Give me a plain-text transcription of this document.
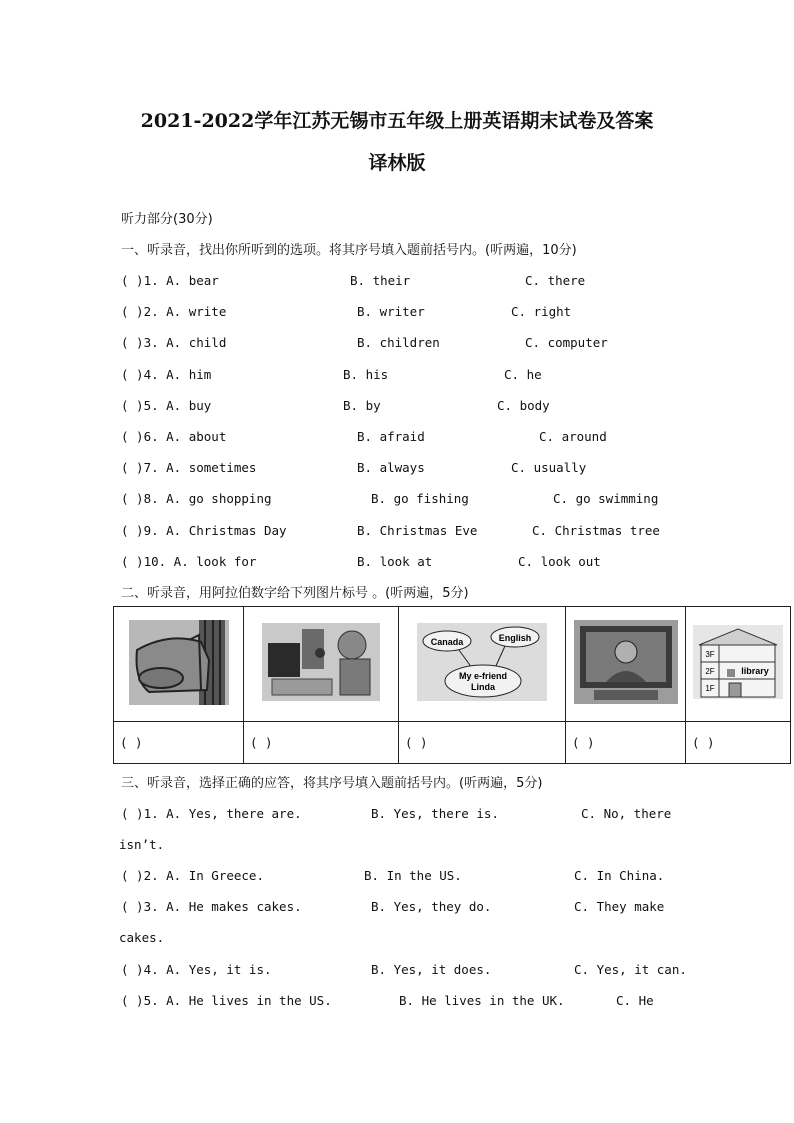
2021-2022学年江苏无锡市五年级上册英语期末试卷及答案
译林版
听力部分(30分)
一、听录音，找出你所听到的选项。将其序号填入题前括号内。(听两遍，10分)
( )1. A. bear	B. their	C. there
( )2. A. write	B. writer	C. right
( )3. A. child	B. children	C. computer
( )4. A. him	B. his	C. he
( )5. A. buy	B. by	C. body
( )6. A. about	B. afraid	C. around
( )7. A. sometimes	B. always	C. usually
( )8. A. go shopping	B. go fishing	C. go swimming
( )9. A. Christmas Day	B. Christmas Eve	C. Christmas tree
( )10. A. look for	B. look at	C. look out
二、听录音，用阿拉伯数字给下列图片标号 。(听两遍，5分)

Canada English
My e-friend
Linda		3F
2F
1F
library

( )	( )	( )	( )	( )
三、听录音，选择正确的应答，将其序号填入题前括号内。(听两遍，5分)
( )1. A. Yes, there are.	B. Yes, there is.	C. No, there
isn’t.
( )2. A. In Greece.	B. In the US.	C. In China.
( )3. A. He makes cakes.	B. Yes, they do.	C. They make
cakes.
( )4. A. Yes, it is.	B. Yes, it does.	C. Yes, it can.
( )5. A. He lives in the US.	B. He lives in the UK.	C. He
